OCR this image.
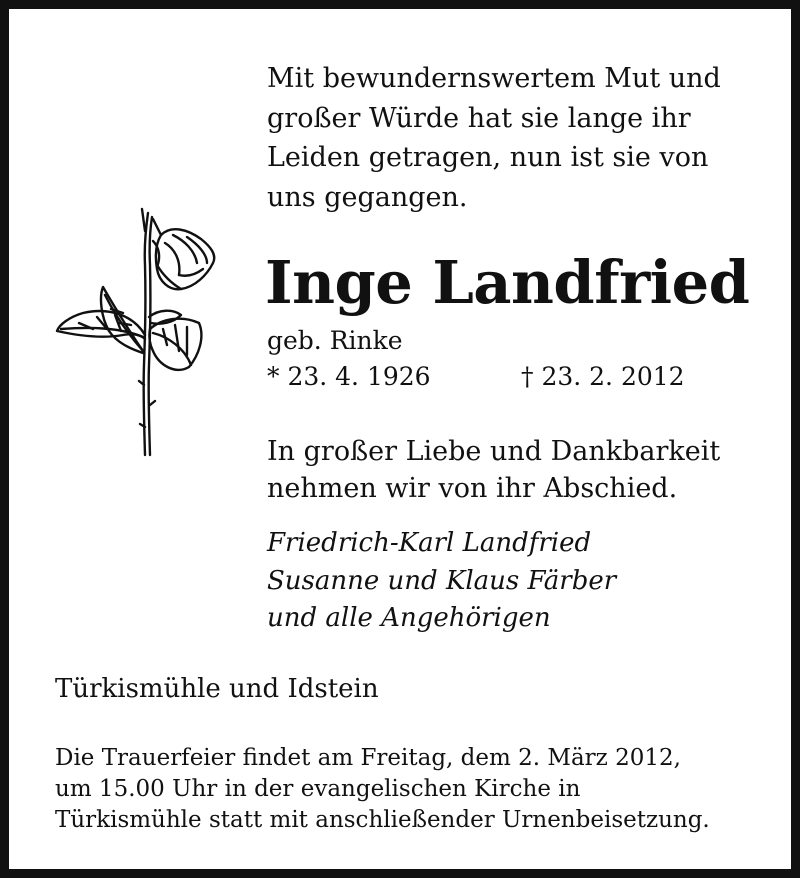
Mit bewundernswertem Mut und
großer Würde hat sie lange ihr
Leiden getragen, nun ist sie von
uns gegangen.
Inge Landfried
geb. Rinke
* 23. 4. 1926	† 23. 2. 2012
In großer Liebe und Dankbarkeit
nehmen wir von ihr Abschied.
Friedrich-Karl Landfried
Susanne und Klaus Färber
und alle Angehörigen
Türkismühle und Idstein
Die Trauerfeier findet am Freitag, dem 2. März 2012,
um 15.00 Uhr in der evangelischen Kirche in
Türkismühle statt mit anschließender Urnenbeisetzung.
